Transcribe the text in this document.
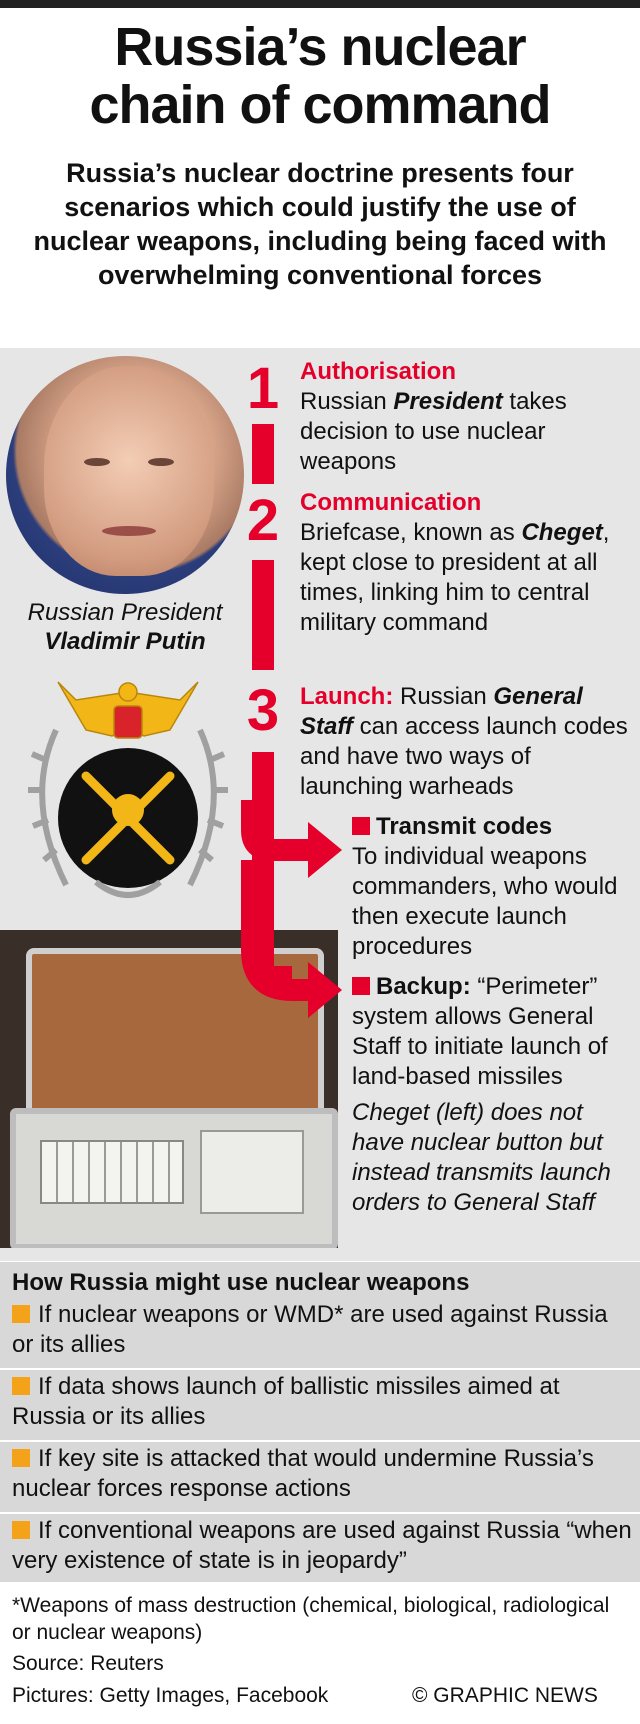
Russia’s nuclear
chain of command
Russia’s nuclear doctrine presents four scenarios which could justify the use of nuclear weapons, including being faced with overwhelming conventional forces
Russian President
Vladimir Putin
1
2
3
Authorisation
Russian President takes decision to use nuclear weapons
Communication
Briefcase, known as Cheget, kept close to president at all times, linking him to central military command
Launch: Russian General Staff can access launch codes and have two ways of launching warheads
Transmit codes
To individual weapons commanders, who would then execute launch procedures
Backup: “Perimeter” system allows General Staff to initiate launch of land-based missiles
Cheget (left) does not have nuclear button but instead transmits launch orders to General Staff
How Russia might use nuclear weapons
If nuclear weapons or WMD* are used against Russia or its allies
If data shows launch of ballistic missiles aimed at Russia or its allies
If key site is attacked that would undermine Russia’s nuclear forces response actions
If conventional weapons are used against Russia “when very existence of state is in jeopardy”
*Weapons of mass destruction (chemical, biological, radiological or nuclear weapons)
Source: Reuters
Pictures: Getty Images, Facebook	© GRAPHIC NEWS
